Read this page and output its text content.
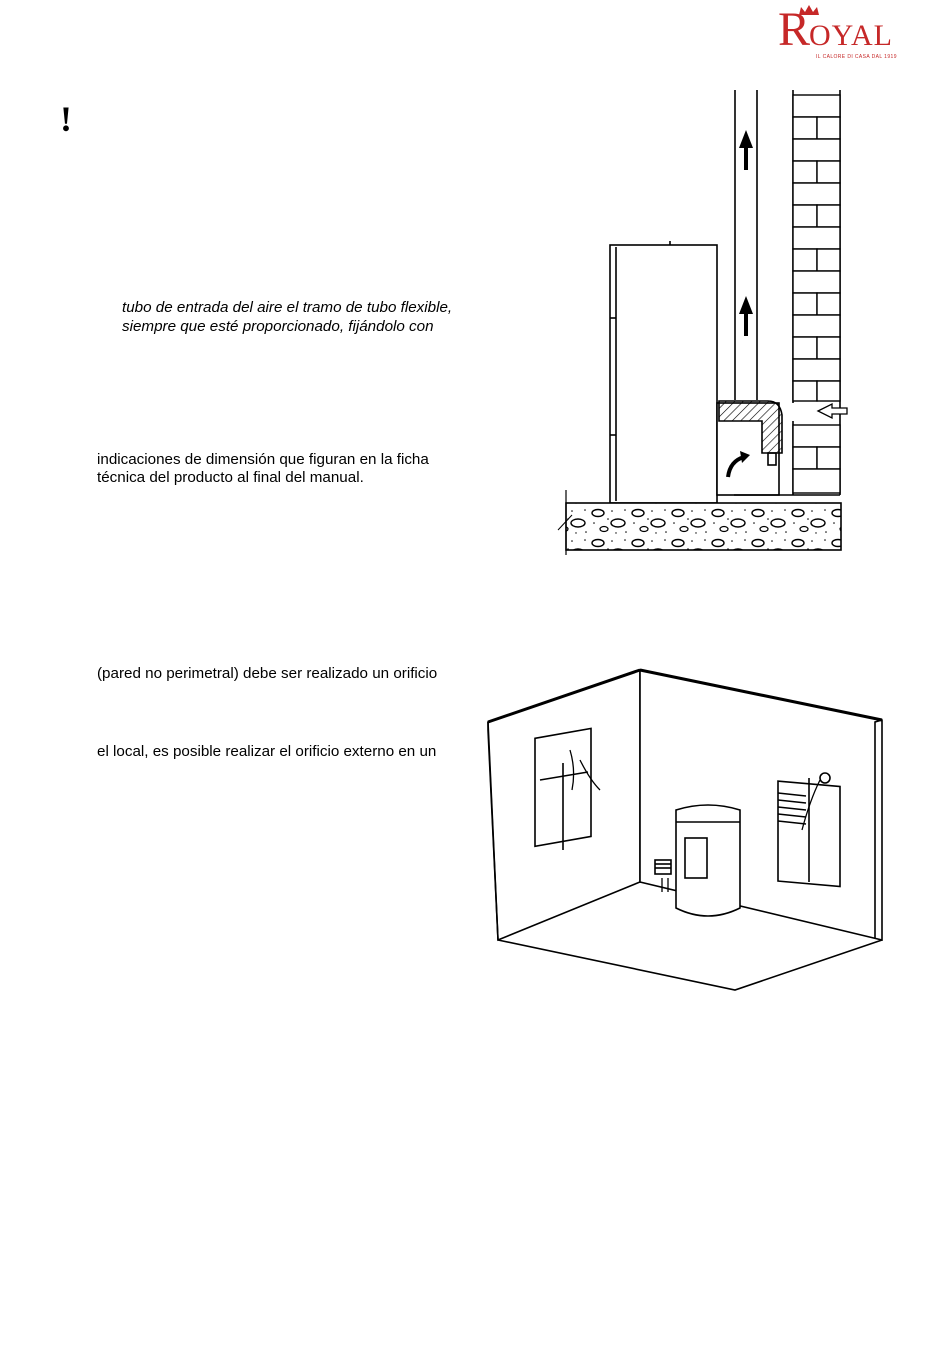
ROYAL
IL CALORE DI CASA DAL 1919
!
tubo de entrada del aire el tramo de tubo flexible,
siempre que esté proporcionado, fijándolo con
indicaciones de dimensión que figuran en la ficha
técnica del producto al final del manual.
(pared no perimetral) debe ser realizado un orificio
el local, es posible realizar el orificio externo en un
